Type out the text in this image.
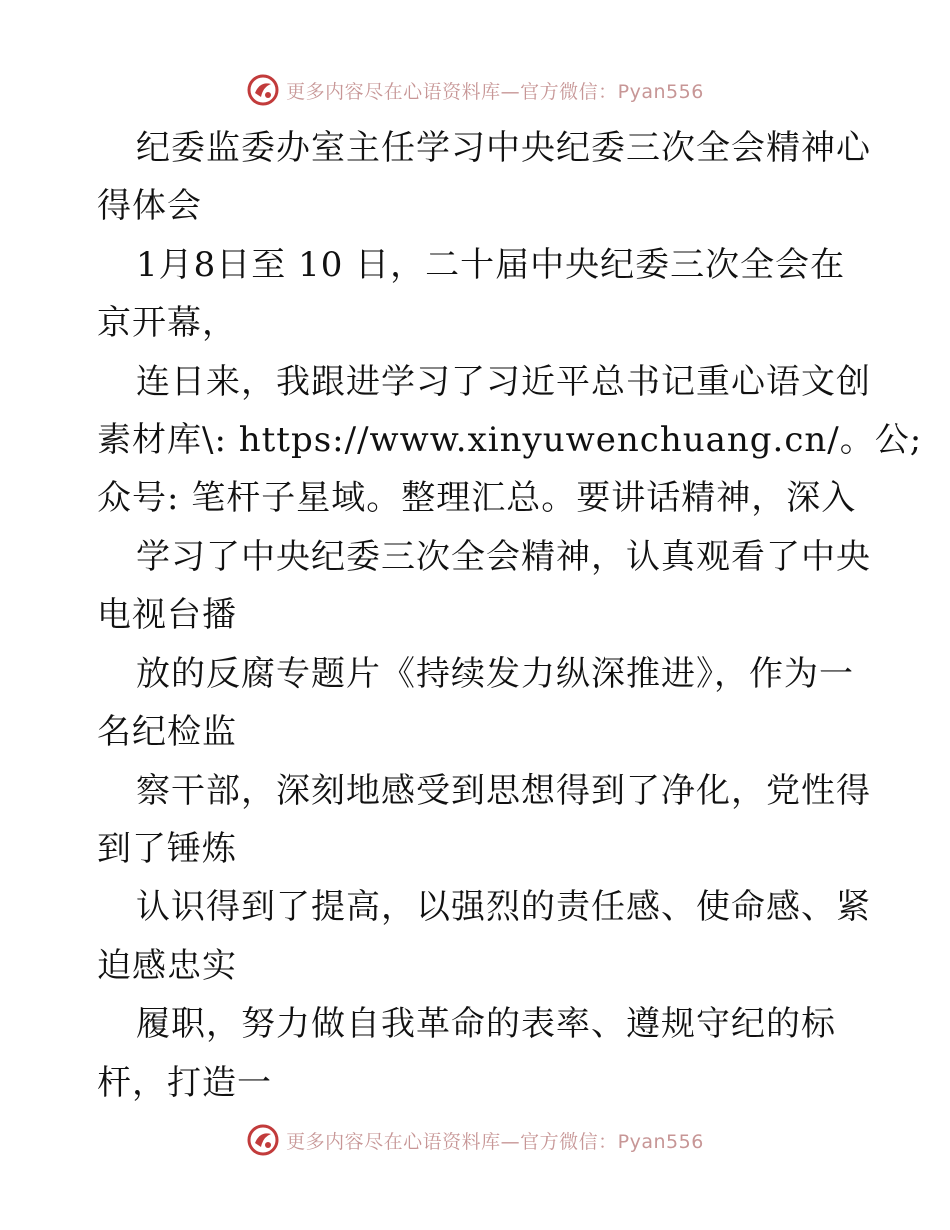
更多内容尽在心语资料库—官方微信：Pyan556
纪委监委办室主任学习中央纪委三次全会精神心
得体会
1月8日至 10 日，二十届中央纪委三次全会在
京开幕，
连日来，我跟进学习了习近平总书记重心语文创
素材库\: https://www.xinyuwenchuang.cn/。公;
众号: 笔杆子星域。整理汇总。要讲话精神，深入
学习了中央纪委三次全会精神，认真观看了中央
电视台播
放的反腐专题片《持续发力纵深推进》，作为一
名纪检监
察干部，深刻地感受到思想得到了净化，党性得
到了锤炼
认识得到了提高，以强烈的责任感、使命感、紧
迫感忠实
履职，努力做自我革命的表率、遵规守纪的标
杆，打造一
更多内容尽在心语资料库—官方微信：Pyan556
